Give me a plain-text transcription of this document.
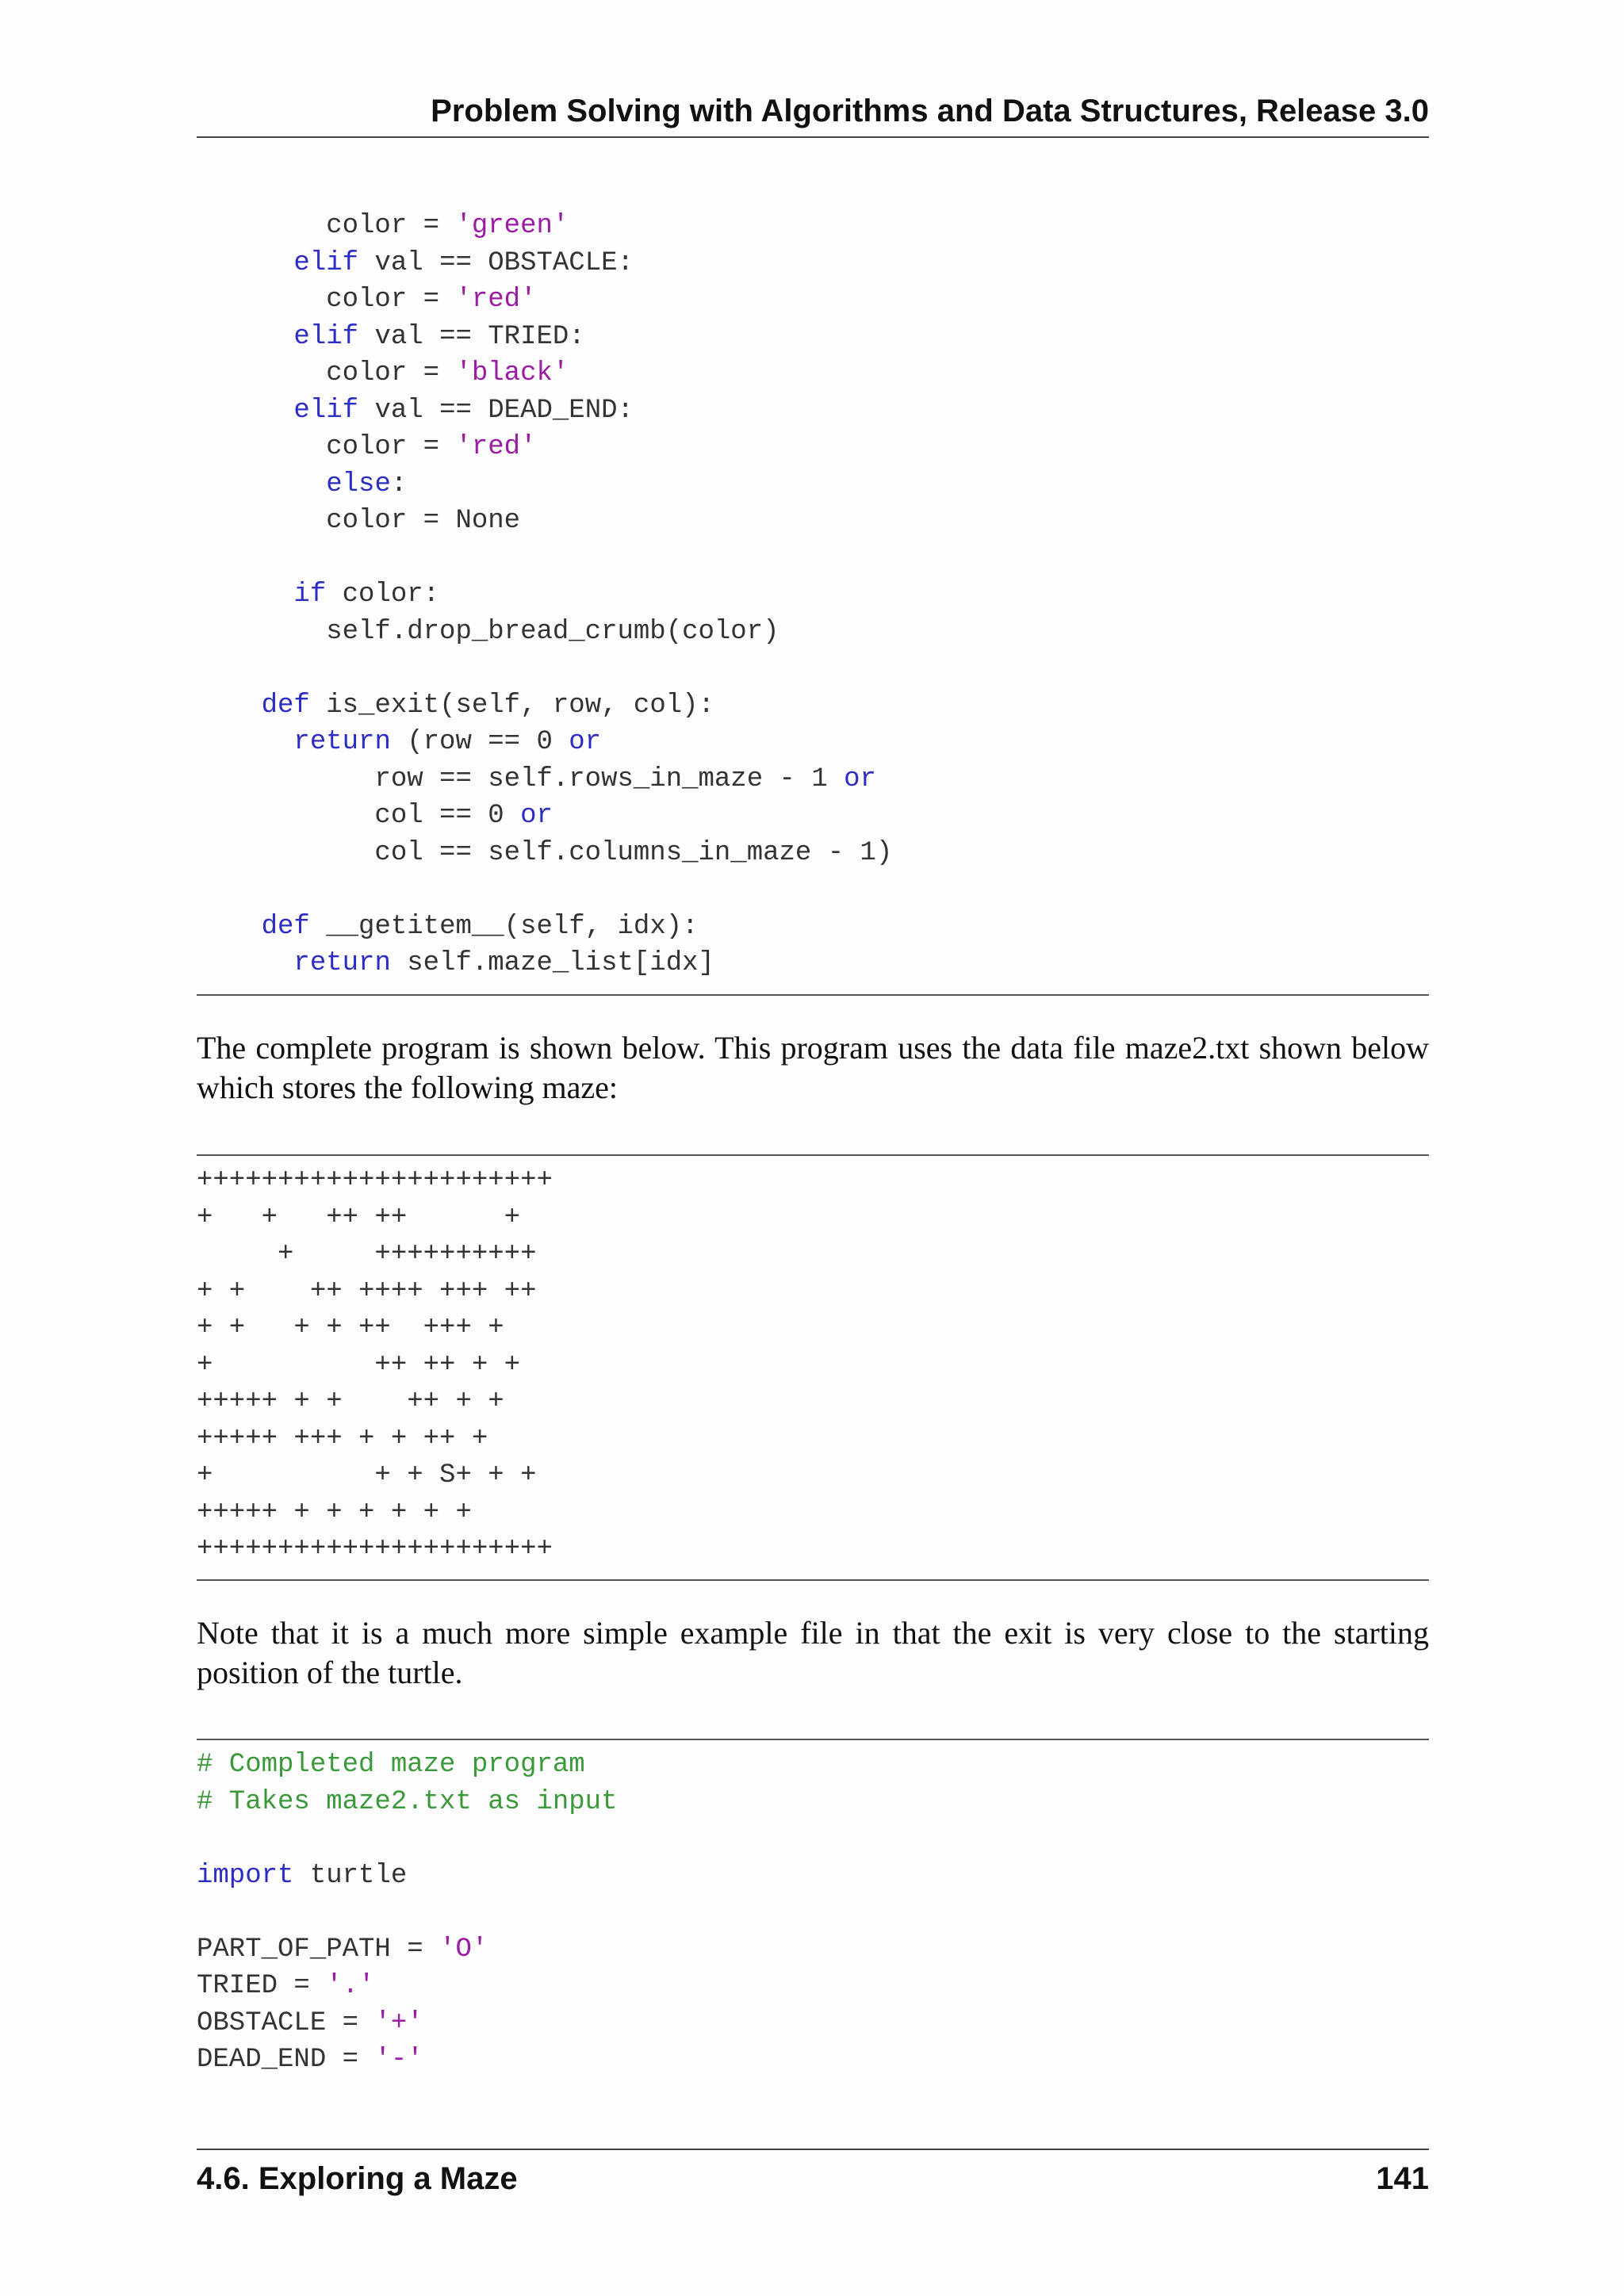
Problem Solving with Algorithms and Data Structures, Release 3.0
color = 'green'
elif val == OBSTACLE:
color = 'red'
elif val == TRIED:
color = 'black'
elif val == DEAD_END:
color = 'red'
else:
color = None

if color:
self.drop_bread_crumb(color)

def is_exit(self, row, col):
return (row == 0 or
row == self.rows_in_maze - 1 or
col == 0 or
col == self.columns_in_maze - 1)

def __getitem__(self, idx):
return self.maze_list[idx]

The complete program is shown below. This program uses the data file maze2.txt shown below which stores the following maze:

++++++++++++++++++++++
+   +   ++ ++      +
+     ++++++++++
+ +    ++ ++++ +++ ++
+ +   + + ++  +++ +
+          ++ ++ + +
+++++ + +    ++ + +
+++++ +++ + + ++ +
+          + + S+ + +
+++++ + + + + + +
++++++++++++++++++++++

Note that it is a much more simple example file in that the exit is very close to the starting position of the turtle.

# Completed maze program
# Takes maze2.txt as input

import turtle

PART_OF_PATH = 'O'
TRIED = '.'
OBSTACLE = '+'
DEAD_END = '-'
4.6. Exploring a Maze	141
